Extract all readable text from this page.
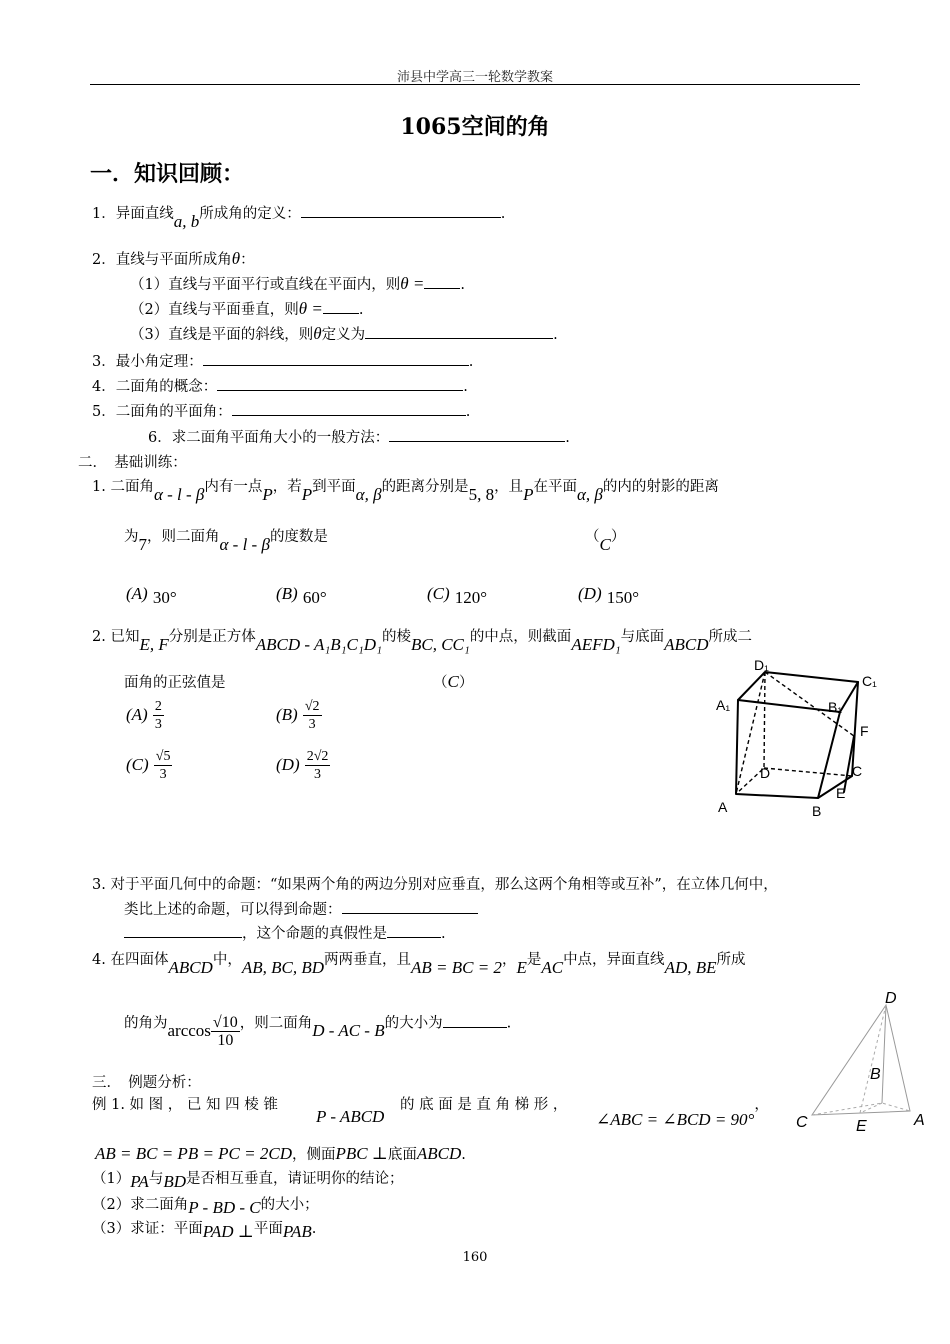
沛县中学高三一轮数学教案
1065空间的角
一．知识回顾：
1．异面直线a, b所成角的定义：	.
2．直线与平面所成角θ：
（1）直线与平面平行或直线在平面内，则θ = .
（2）直线与平面垂直，则θ = .
（3）直线是平面的斜线，则θ定义为	.
3．最小角定理：	.
4．二面角的概念：	.
5．二面角的平面角：	.
6．求二面角平面角大小的一般方法：	.
二．　基础训练：
1. 二面角α - l - β内有一点P，若P到平面α, β的距离分别是5, 8，且P在平面α, β的内的射影的距离
为7，则二面角α - l - β的度数是	（C）
(A) 30°	(B) 60°	(C) 120°	(D) 150°
2. 已知E, F分别是正方体ABCD - A₁B₁C₁D₁的棱BC, CC₁的中点，则截面AEFD₁与底面ABCD所成二
面角的正弦值是	（C）
$(A) \frac{2}{3}$	$(B) \frac{√2}{3}$
$(C) \frac{√5}{3}$	$(D) \frac{2√2}{3}$
D₁
C₁
A₁	B₁
F
D	C
A
E
B
3. 对于平面几何中的命题：“如果两个角的两边分别对应垂直，那么这两个角相等或互补”，在立体几何中，
类比上述的命题，可以得到命题：
，这个命题的真假性是	.
4. 在四面体ABCD中，AB, BC, BD两两垂直，且AB = BC = 2，E是AC中点，异面直线AD, BE所成
的角为$\arccos \frac{√10}{10}$ ，则二面角D - AC - B的大小为	.
D
B
C	E	A
三．　例题分析：
例 1. 如 图 ， 已 知 四 棱 锥
P - ABCD
的 底 面 是 直 角 梯 形 ，
∠ABC = ∠BCD = 90°，
AB = BC = PB = PC = 2CD，侧面PBC ⊥底面ABCD.
（1）PA与BD是否相互垂直，请证明你的结论；
（2）求二面角P - BD - C的大小；
（3）求证：平面PAD ⊥平面PAB.
160
